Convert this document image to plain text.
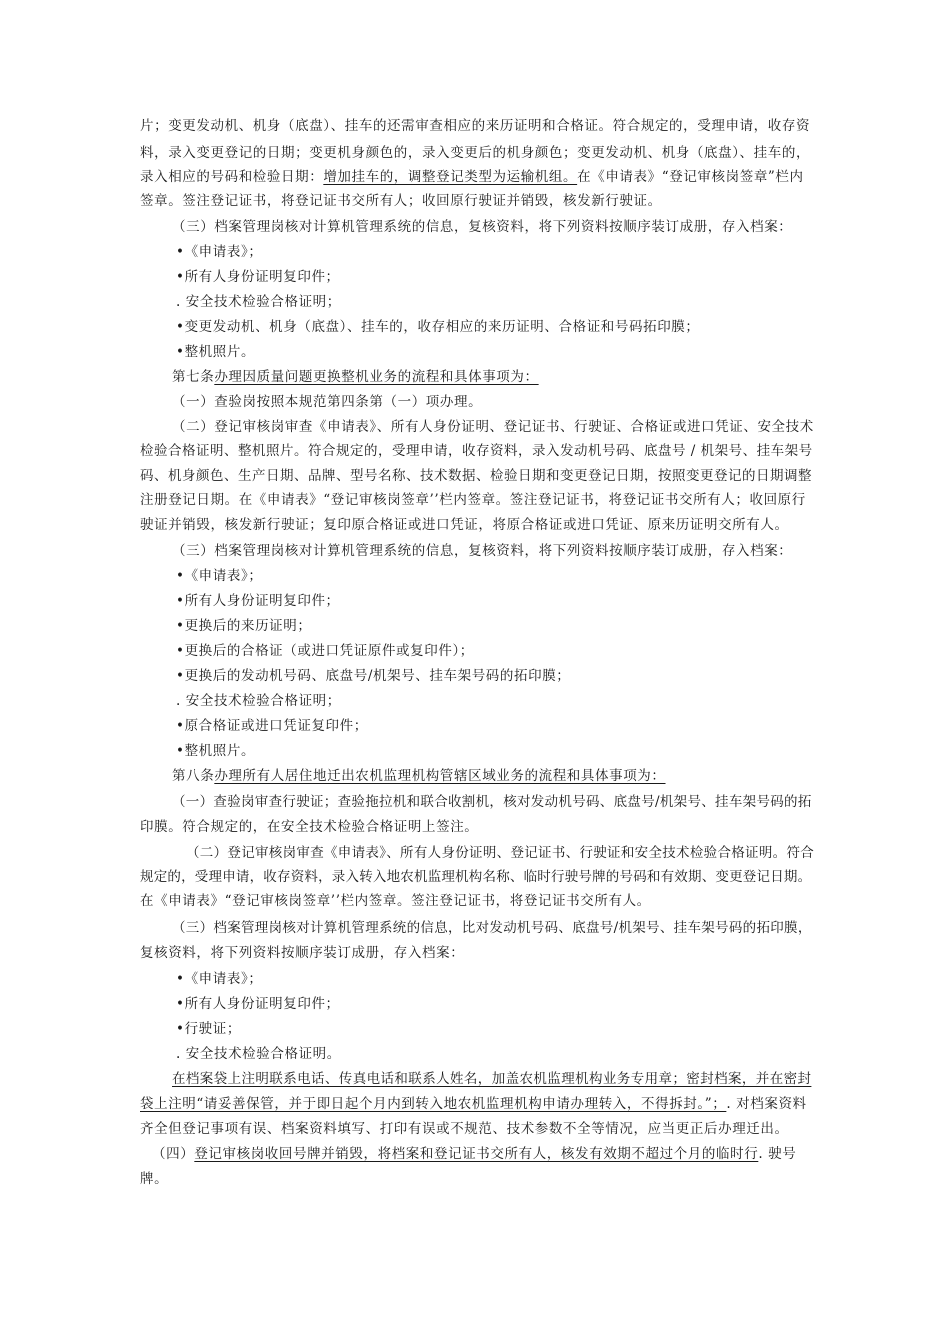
片；变更发动机、机身（底盘）、挂车的还需审查相应的来历证明和合格证。符合规定的，受理申请，收存资
料，录入变更登记的日期；变更机身颜色的，录入变更后的机身颜色；变更发动机、机身（底盘）、挂车的，
录入相应的号码和检验日期：增加挂车的，调整登记类型为运输机组。在《申请表》“登记审核岗签章”栏内
签章。签注登记证书，将登记证书交所有人；收回原行驶证并销毁，核发新行驶证。
（三）档案管理岗核对计算机管理系统的信息，复核资料，将下列资料按顺序装订成册，存入档案：
•《申请表》；
•所有人身份证明复印件；
. 安全技术检验合格证明；
•变更发动机、机身（底盘）、挂车的，收存相应的来历证明、合格证和号码拓印膜；
•整机照片。
第七条办理因质量问题更换整机业务的流程和具体事项为：
（一）查验岗按照本规范第四条第（一）项办理。
（二）登记审核岗审查《申请表》、所有人身份证明、登记证书、行驶证、合格证或进口凭证、安全技术
检验合格证明、整机照片。符合规定的，受理申请，收存资料，录入发动机号码、底盘号 / 机架号、挂车架号
码、机身颜色、生产日期、品牌、型号名称、技术数据、检验日期和变更登记日期，按照变更登记的日期调整
注册登记日期。在《申请表》“登记审核岗签章’’栏内签章。签注登记证书，将登记证书交所有人；收回原行
驶证并销毁，核发新行驶证；复印原合格证或进口凭证，将原合格证或进口凭证、原来历证明交所有人。
（三）档案管理岗核对计算机管理系统的信息，复核资料，将下列资料按顺序装订成册，存入档案：
•《申请表》；
•所有人身份证明复印件；
•更换后的来历证明；
•更换后的合格证（或进口凭证原件或复印件）；
•更换后的发动机号码、底盘号/机架号、挂车架号码的拓印膜；
. 安全技术检验合格证明；
•原合格证或进口凭证复印件；
•整机照片。
第八条办理所有人居住地迁出农机监理机构管辖区域业务的流程和具体事项为：
（一）查验岗审查行驶证；查验拖拉机和联合收割机，核对发动机号码、底盘号/机架号、挂车架号码的拓
印膜。符合规定的，在安全技术检验合格证明上签注。
（二）登记审核岗审查《申请表》、所有人身份证明、登记证书、行驶证和安全技术检验合格证明。符合
规定的，受理申请，收存资料，录入转入地农机监理机构名称、临时行驶号牌的号码和有效期、变更登记日期。
在《申请表》“登记审核岗签章’’栏内签章。签注登记证书，将登记证书交所有人。
（三）档案管理岗核对计算机管理系统的信息，比对发动机号码、底盘号/机架号、挂车架号码的拓印膜，
复核资料，将下列资料按顺序装订成册，存入档案：
•《申请表》；
•所有人身份证明复印件；
•行驶证；
. 安全技术检验合格证明。
在档案袋上注明联系电话、传真电话和联系人姓名，加盖农机监理机构业务专用章；密封档案，并在密封
袋上注明“请妥善保管，并于即日起个月内到转入地农机监理机构申请办理转入，不得拆封。”；. 对档案资料
齐全但登记事项有误、档案资料填写、打印有误或不规范、技术参数不全等情况，应当更正后办理迁出。
（四）登记审核岗收回号牌并销毁，将档案和登记证书交所有人，核发有效期不超过个月的临时行. 驶号
牌。
